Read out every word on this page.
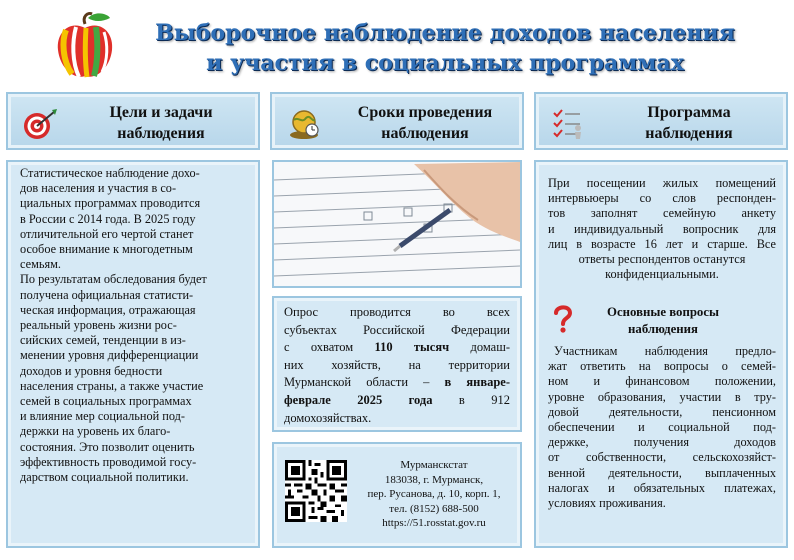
Выборочное наблюдение доходов населения
и участия в социальных программах
Цели и задачи
наблюдения
Сроки проведения
наблюдения
Программа
наблюдения
Статистическое наблюдение дохо-
дов населения и участия в со-
циальных программах проводится
в России с 2014 года. В 2025 году
отличительной его чертой станет
особое внимание к многодетным
семьям.
По результатам обследования будет
получена официальная статисти-
ческая информация, отражающая
реальный уровень жизни рос-
сийских семей, тенденции в из-
менении уровня дифференциации
доходов и уровня бедности
населения страны, а также участие
семей в социальных программах
и влияние мер социальной под-
держки на уровень их благо-
состояния. Это позволит оценить
эффективность проводимой госу-
дарством социальной политики.
Опрос проводится во всех
субъектах Российской Федерации
с охватом 110 тысяч домаш-
них хозяйств, на территории
Мурманской области – в январе-
феврале 2025 года в 912
домохозяйствах.
Мурманскстат
183038, г. Мурманск,
пер. Русанова, д. 10, корп. 1,
тел. (8152) 688-500
https://51.rosstat.gov.ru
При посещении жилых помещений
интервьюеры со слов респонден-
тов заполнят семейную анкету
и индивидуальный вопросник для
лиц в возрасте 16 лет и старше. Все
ответы респондентов останутся
конфиденциальными.
Основные вопросы
наблюдения
Участникам наблюдения предло-
жат ответить на вопросы о семей-
ном и финансовом положении,
уровне образования, участии в тру-
довой деятельности, пенсионном
обеспечении и социальной под-
держке, получения доходов
от собственности, сельскохозяйст-
венной деятельности, выплаченных
налогах и обязательных платежах,
условиях проживания.
